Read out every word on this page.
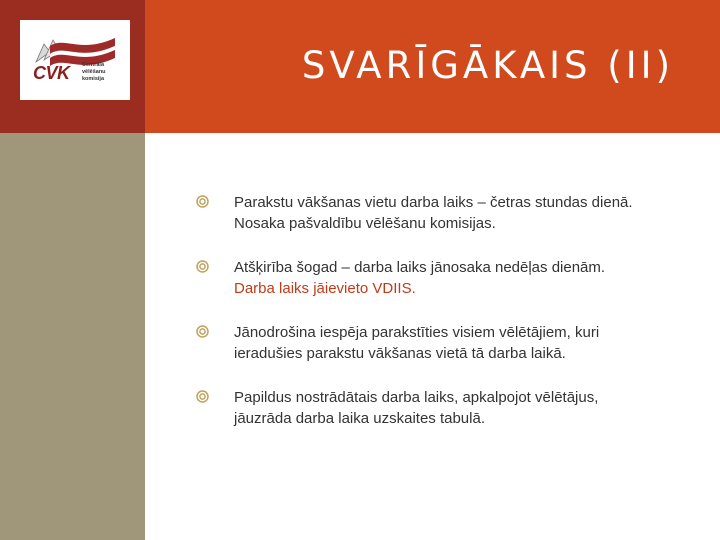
SVARĪGĀKAIS (II)
CVK Centrālā
vēlēšanu
komisija
Parakstu vākšanas vietu darba laiks – četras stundas dienā.
Nosaka pašvaldību vēlēšanu komisijas.
Atšķirība šogad – darba laiks jānosaka nedēļas dienām.
Darba laiks jāievieto VDIIS.
Jānodrošina iespēja parakstīties visiem vēlētājiem, kuri
ieradušies parakstu vākšanas vietā tā darba laikā.
Papildus nostrādātais darba laiks, apkalpojot vēlētājus,
jāuzrāda darba laika uzskaites tabulā.
